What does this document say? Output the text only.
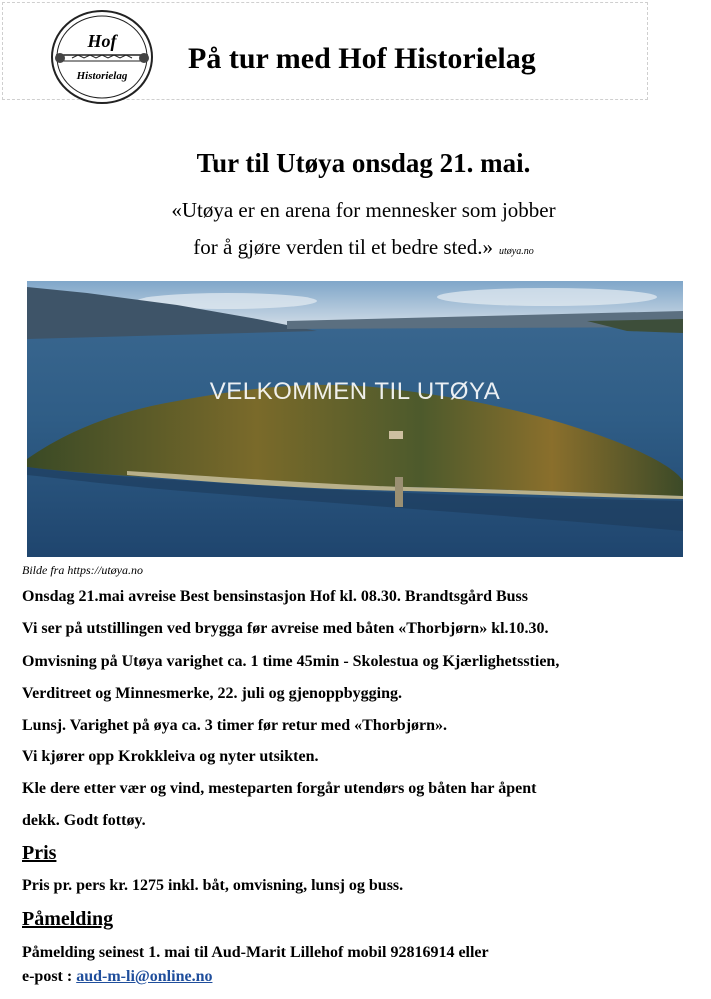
Hof
Historielag
På tur med Hof Historielag
Tur til Utøya onsdag 21. mai.
«Utøya er en arena for mennesker som jobber
for å gjøre verden til et bedre sted.» utøya.no
VELKOMMEN TIL UTØYA
Bilde fra https://utøya.no
Onsdag 21.mai avreise Best bensinstasjon Hof kl. 08.30. Brandtsgård Buss
Vi ser på utstillingen ved brygga før avreise med båten «Thorbjørn» kl.10.30.
Omvisning på Utøya varighet ca. 1 time 45min - Skolestua og Kjærlighetsstien,
Verditreet og Minnesmerke, 22. juli og gjenoppbygging.
Lunsj. Varighet på øya ca. 3 timer før retur med «Thorbjørn».
Vi kjører opp Krokkleiva og nyter utsikten.
Kle dere etter vær og vind, mesteparten forgår utendørs og båten har åpent
dekk. Godt fottøy.
Pris
Pris pr. pers kr. 1275 inkl. båt, omvisning, lunsj og buss.
Påmelding
Påmelding seinest 1. mai til Aud-Marit Lillehof mobil 92816914 eller
e-post : aud-m-li@online.no
